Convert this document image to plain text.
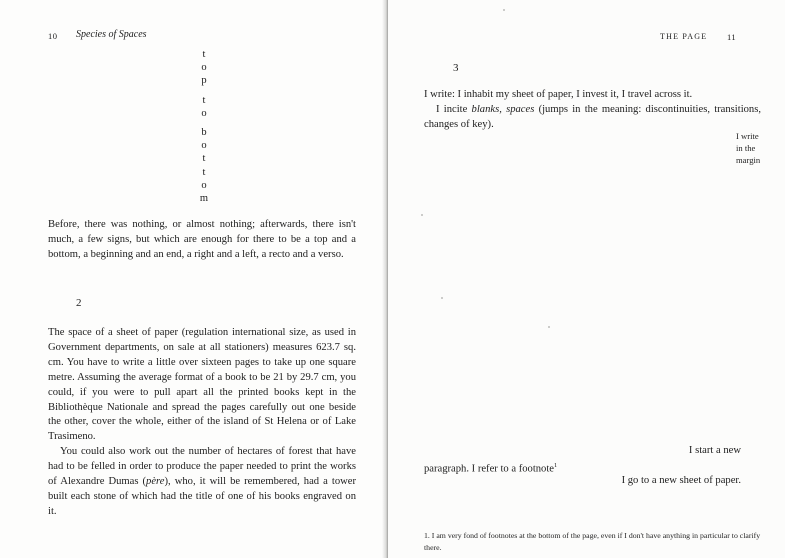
10 Species of Spaces
t
o
p
t
o
b
o
t
t
o
m

Before, there was nothing, or almost nothing; afterwards, there isn't much, a few signs, but which are enough for there to be a top and a bottom, a beginning and an end, a right and a left, a recto and a verso.

2

The space of a sheet of paper (regulation international size, as used in Government departments, on sale at all stationers) measures 623.7 sq. cm. You have to write a little over sixteen pages to take up one square metre. Assuming the average format of a book to be 21 by 29.7 cm, you could, if you were to pull apart all the printed books kept in the Bibliothèque Nationale and spread the pages carefully out one beside the other, cover the whole, either of the island of St Helena or of Lake Trasimeno.

You could also work out the number of hectares of forest that have had to be felled in order to produce the paper needed to print the works of Alexandre Dumas (père), who, it will be remembered, had a tower built each stone of which had the title of one of his books engraved on it.

THE PAGE 11
3

I write: I inhabit my sheet of paper, I invest it, I travel across it.

I incite blanks, spaces (jumps in the meaning: discontinuities, transitions, changes of key).

I write
in the
margin
I start a new
paragraph. I refer to a footnote$^1$
I go to a new sheet of paper.
1. I am very fond of footnotes at the bottom of the page, even if I don't have anything in particular to clarify there.
